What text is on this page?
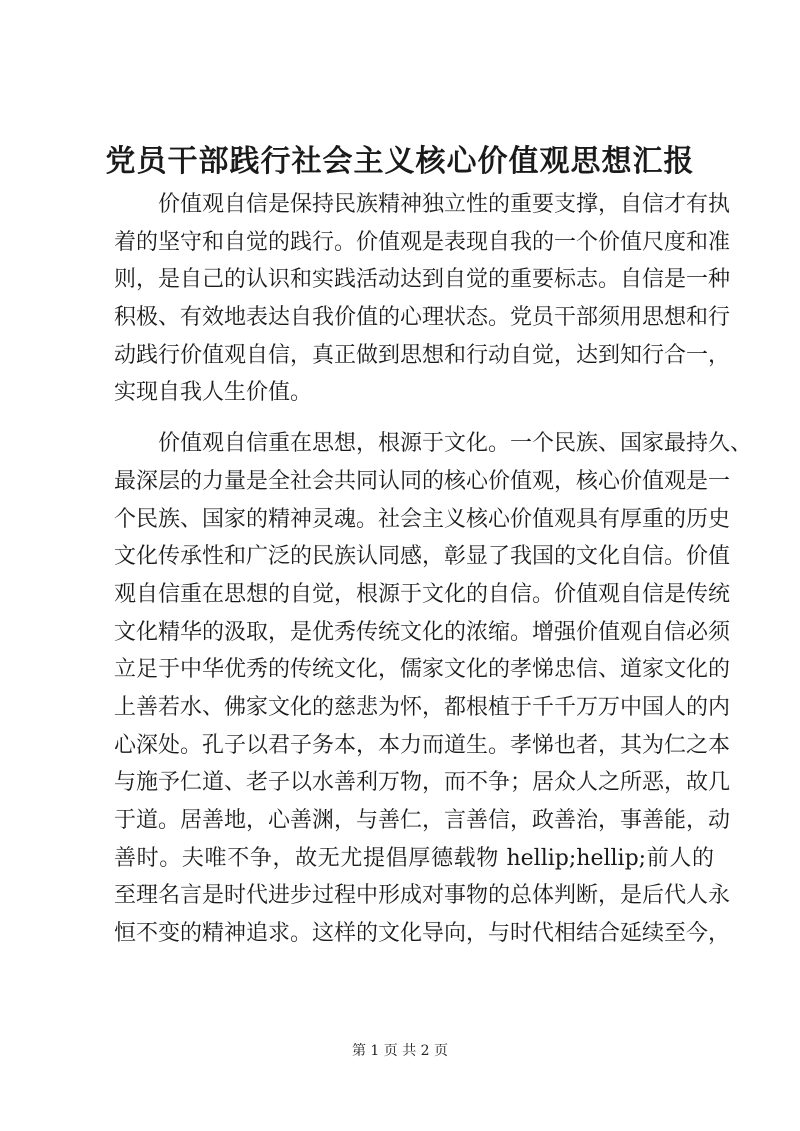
党员干部践行社会主义核心价值观思想汇报
价值观自信是保持民族精神独立性的重要支撑，自信才有执
着的坚守和自觉的践行。价值观是表现自我的一个价值尺度和准
则，是自己的认识和实践活动达到自觉的重要标志。自信是一种
积极、有效地表达自我价值的心理状态。党员干部须用思想和行
动践行价值观自信，真正做到思想和行动自觉，达到知行合一，
实现自我人生价值。
价值观自信重在思想，根源于文化。一个民族、国家最持久、
最深层的力量是全社会共同认同的核心价值观，核心价值观是一
个民族、国家的精神灵魂。社会主义核心价值观具有厚重的历史
文化传承性和广泛的民族认同感，彰显了我国的文化自信。价值
观自信重在思想的自觉，根源于文化的自信。价值观自信是传统
文化精华的汲取，是优秀传统文化的浓缩。增强价值观自信必须
立足于中华优秀的传统文化，儒家文化的孝悌忠信、道家文化的
上善若水、佛家文化的慈悲为怀，都根植于千千万万中国人的内
心深处。孔子以君子务本，本力而道生。孝悌也者，其为仁之本
与施予仁道、老子以水善利万物，而不争；居众人之所恶，故几
于道。居善地，心善渊，与善仁，言善信，政善治，事善能，动
善时。夫唯不争，故无尤提倡厚德载物 hellip;hellip;前人的
至理名言是时代进步过程中形成对事物的总体判断，是后代人永
恒不变的精神追求。这样的文化导向，与时代相结合延续至今，
第 1 页 共 2 页
